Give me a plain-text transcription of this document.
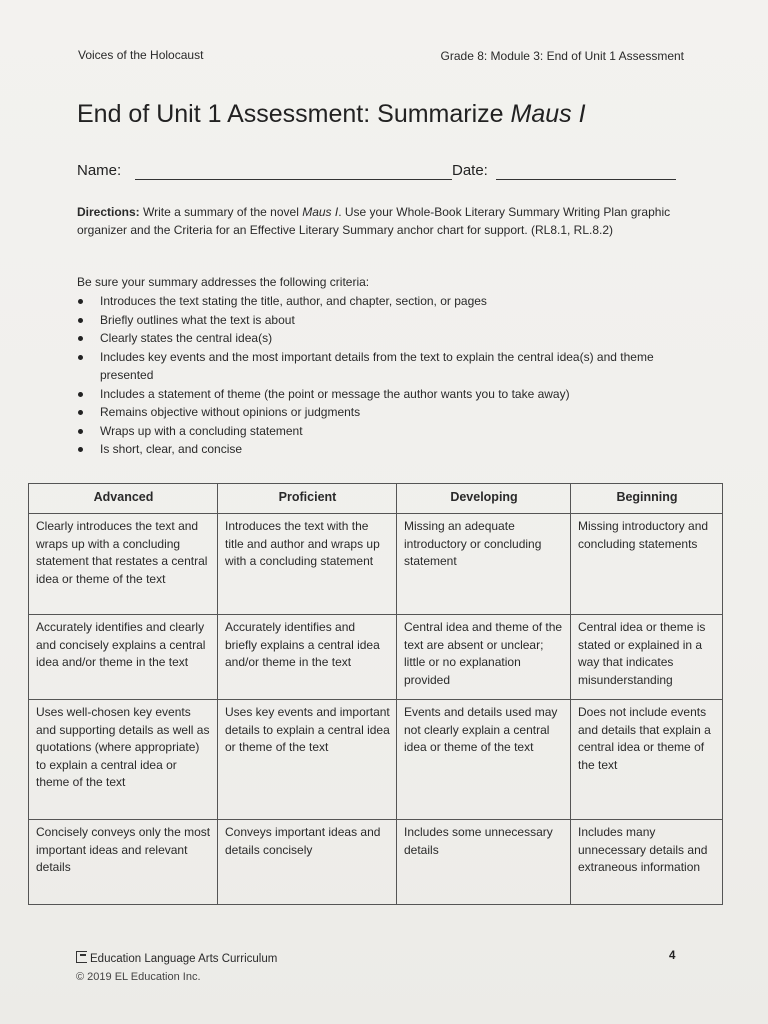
Voices of the Holocaust	Grade 8: Module 3: End of Unit 1 Assessment
End of Unit 1 Assessment: Summarize Maus I
Name:	Date:
Directions: Write a summary of the novel Maus I. Use your Whole-Book Literary Summary Writing Plan graphic organizer and the Criteria for an Effective Literary Summary anchor chart for support. (RL8.1, RL.8.2)
Be sure your summary addresses the following criteria:
Introduces the text stating the title, author, and chapter, section, or pages
Briefly outlines what the text is about
Clearly states the central idea(s)
Includes key events and the most important details from the text to explain the central idea(s) and theme presented
Includes a statement of theme (the point or message the author wants you to take away)
Remains objective without opinions or judgments
Wraps up with a concluding statement
Is short, clear, and concise
Advanced	Proficient	Developing	Beginning
Clearly introduces the text and wraps up with a concluding statement that restates a central idea or theme of the text	Introduces the text with the title and author and wraps up with a concluding statement	Missing an adequate introductory or concluding statement	Missing introductory and concluding statements
Accurately identifies and clearly and concisely explains a central idea and/or theme in the text	Accurately identifies and briefly explains a central idea and/or theme in the text	Central idea and theme of the text are absent or unclear; little or no explanation provided	Central idea or theme is stated or explained in a way that indicates misunderstanding
Uses well-chosen key events and supporting details as well as quotations (where appropriate) to explain a central idea or theme of the text	Uses key events and important details to explain a central idea or theme of the text	Events and details used may not clearly explain a central idea or theme of the text	Does not include events and details that explain a central idea or theme of the text
Concisely conveys only the most important ideas and relevant details	Conveys important ideas and details concisely	Includes some unnecessary details	Includes many unnecessary details and extraneous information
Education Language Arts Curriculum
© 2019 EL Education Inc.
4
